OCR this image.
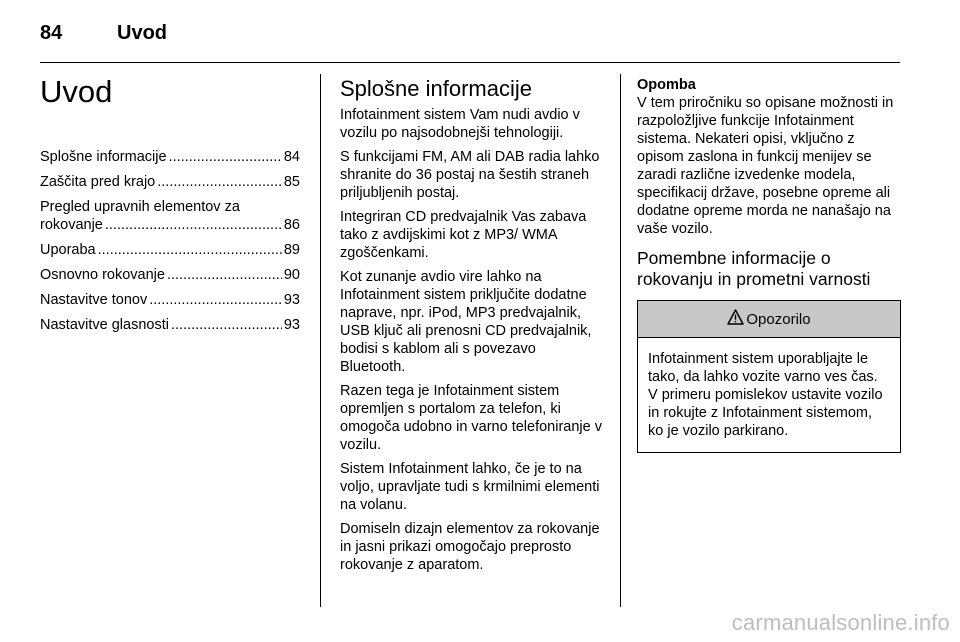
84	Uvod
Uvod
Splošne informacije .....	84
Zaščita pred krajo .....	85
Pregled upravnih elementov za
rokovanje .....	86
Uporaba .....	89
Osnovno rokovanje .....	90
Nastavitve tonov .....	93
Nastavitve glasnosti .....	93
Splošne informacije

Infotainment sistem Vam nudi avdio v vozilu po najsodobnejši tehnologiji.

S funkcijami FM, AM ali DAB radia lahko shranite do 36 postaj na šestih straneh priljubljenih postaj.

Integriran CD predvajalnik Vas zabava tako z avdijskimi kot z MP3/ WMA zgoščenkami.

Kot zunanje avdio vire lahko na Infotainment sistem priključite dodatne naprave, npr. iPod, MP3 predvajalnik, USB ključ ali prenosni CD predvajalnik, bodisi s kablom ali s povezavo Bluetooth.

Razen tega je Infotainment sistem opremljen s portalom za telefon, ki omogoča udobno in varno telefoniranje v vozilu.

Sistem Infotainment lahko, če je to na voljo, upravljate tudi s krmilnimi elementi na volanu.

Domiseln dizajn elementov za rokovanje in jasni prikazi omogočajo preprosto rokovanje z aparatom.

Opomba

V tem priročniku so opisane možnosti in razpoložljive funkcije Infotainment sistema. Nekateri opisi, vključno z opisom zaslona in funkcij menijev se zaradi različne izvedenke modela, specifikacij države, posebne opreme ali dodatne opreme morda ne nanašajo na vaše vozilo.

Pomembne informacije o rokovanju in prometni varnosti
Opozorilo

Infotainment sistem uporabljajte le tako, da lahko vozite varno ves čas. V primeru pomislekov ustavite vozilo in rokujte z Infotainment sistemom, ko je vozilo parkirano.

carmanualsonline.info
